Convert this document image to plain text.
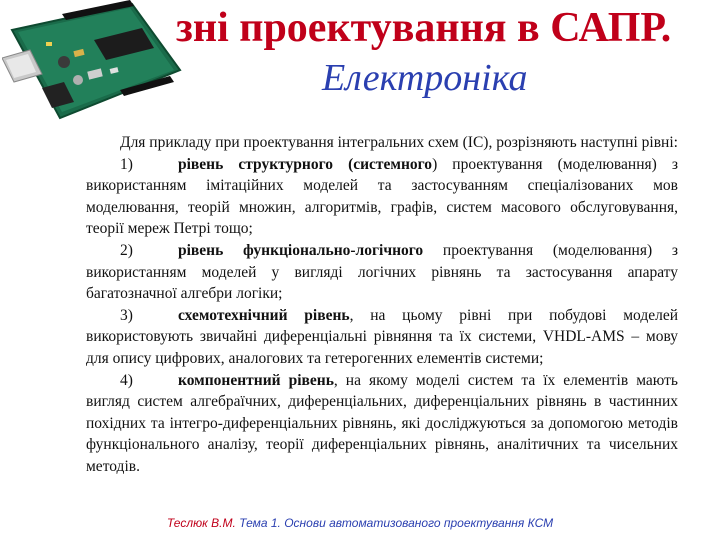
зні проектування в САПР.
Електроніка

Для прикладу при проектування інтегральних схем (ІС), розрізняють наступні рівні:

1)	рівень структурного (системного) проектування (моделювання) з використанням імітаційних моделей та застосуванням спеціалізованих мов моделювання, теорій множин, алгоритмів, графів, систем масового обслуговування, теорії мереж Петрі тощо;

2)	рівень функціонально-логічного проектування (моделювання) з використанням моделей у вигляді логічних рівнянь та застосування апарату багатозначної алгебри логіки;

3)	схемотехнічний рівень, на цьому рівні при побудові моделей використовують звичайні диференціальні рівняння та їх системи, VHDL-AMS – мову для опису цифрових, аналогових та гетерогенних елементів системи;

4)	компонентний рівень, на якому моделі систем та їх елементів мають вигляд систем алгебраїчних, диференціальних, диференціальних рівнянь в частинних похідних та інтегро-диференціальних рівнянь, які досліджуються за допомогою методів функціонального аналізу, теорії диференціальних рівнянь, аналітичних та чисельних методів.

Теслюк В.М. Тема 1. Основи автоматизованого проектування КСМ
